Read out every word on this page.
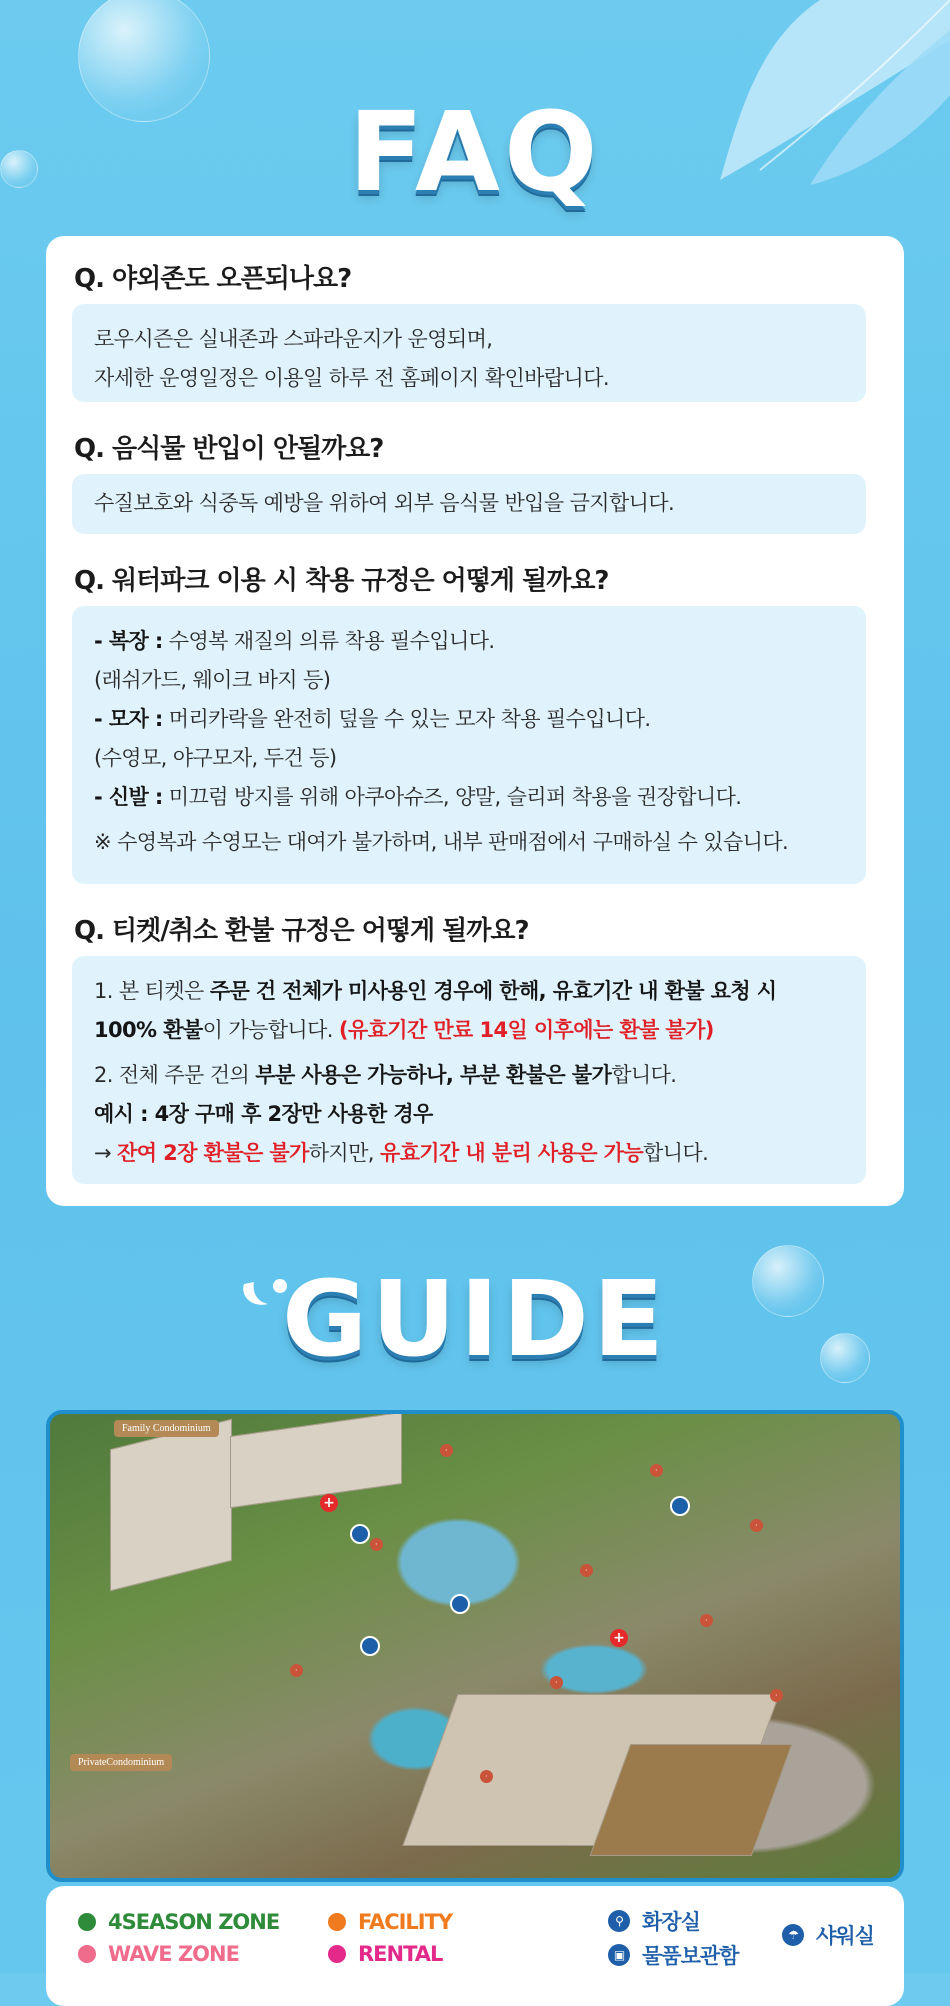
FAQ
Q. 야외존도 오픈되나요?

로우시즌은 실내존과 스파라운지가 운영되며,

자세한 운영일정은 이용일 하루 전 홈페이지 확인바랍니다.

Q. 음식물 반입이 안될까요?

수질보호와 식중독 예방을 위하여 외부 음식물 반입을 금지합니다.

Q. 워터파크 이용 시 착용 규정은 어떻게 될까요?

- 복장 : 수영복 재질의 의류 착용 필수입니다.

(래쉬가드, 웨이크 바지 등)

- 모자 : 머리카락을 완전히 덮을 수 있는 모자 착용 필수입니다.

(수영모, 야구모자, 두건 등)

- 신발 : 미끄럼 방지를 위해 아쿠아슈즈, 양말, 슬리퍼 착용을 권장합니다.

※ 수영복과 수영모는 대여가 불가하며, 내부 판매점에서 구매하실 수 있습니다.

Q. 티켓/취소 환불 규정은 어떻게 될까요?

1. 본 티켓은 주문 건 전체가 미사용인 경우에 한해, 유효기간 내 환불 요청 시

100% 환불이 가능합니다. (유효기간 만료 14일 이후에는 환불 불가)

2. 전체 주문 건의 부분 사용은 가능하나, 부분 환불은 불가합니다.

예시 : 4장 구매 후 2장만 사용한 경우

→ 잔여 2장 환불은 불가하지만, 유효기간 내 분리 사용은 가능합니다.

GUIDE
Family Condominium
PrivateCondominium
·
·
·
·
·
·
·
·
·
·
+
+
4SEASON ZONE
WAVE ZONE
FACILITY
RENTAL
⚲ 화장실
▣ 물품보관함
☂ 샤워실
